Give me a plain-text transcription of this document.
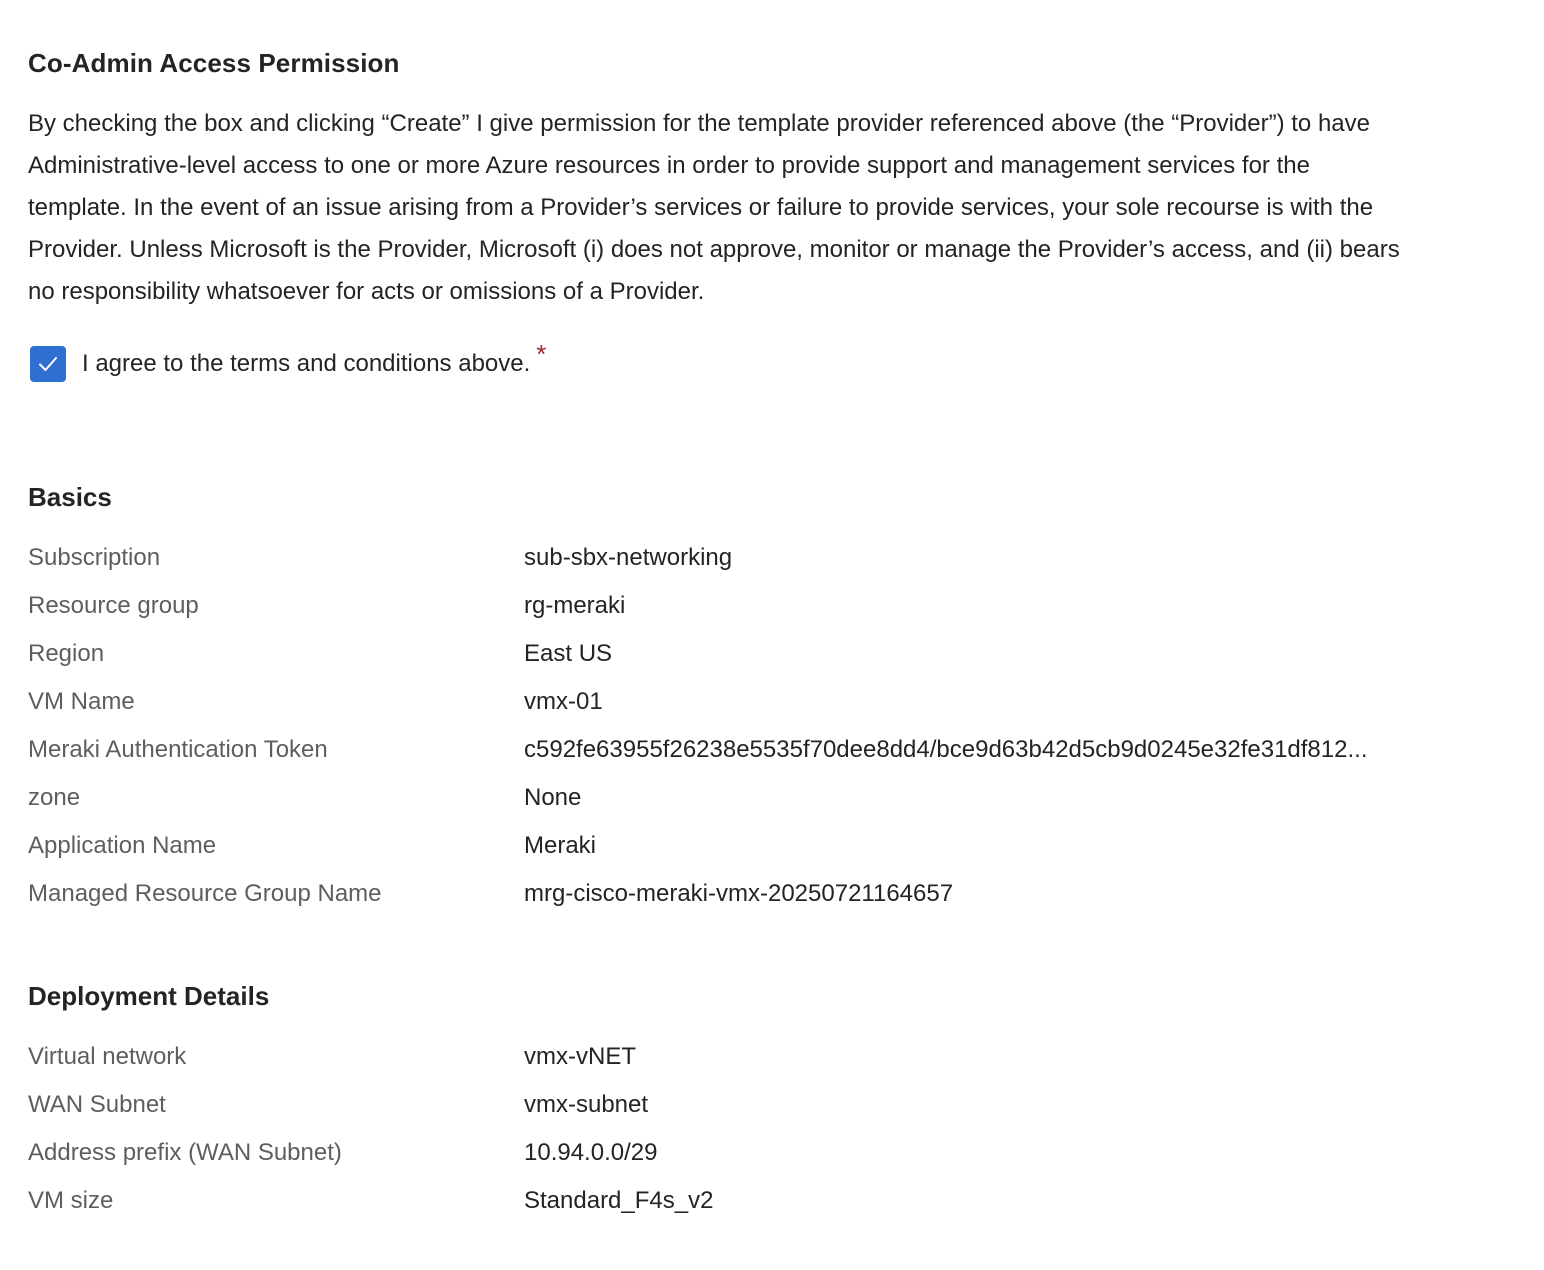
Co-Admin Access Permission

By checking the box and clicking “Create” I give permission for the template provider referenced above (the “Provider”) to have Administrative-level access to one or more Azure resources in order to provide support and management services for the template. In the event of an issue arising from a Provider’s services or failure to provide services, your sole recourse is with the Provider. Unless Microsoft is the Provider, Microsoft (i) does not approve, monitor or manage the Provider’s access, and (ii) bears no responsibility whatsoever for acts or omissions of a Provider.

I agree to the terms and conditions above. *
Basics
Subscription	sub-sbx-networking
Resource group	rg-meraki
Region	East US
VM Name	vmx-01
Meraki Authentication Token	c592fe63955f26238e5535f70dee8dd4/bce9d63b42d5cb9d0245e32fe31df812...
zone	None
Application Name	Meraki
Managed Resource Group Name	mrg-cisco-meraki-vmx-20250721164657
Deployment Details
Virtual network	vmx-vNET
WAN Subnet	vmx-subnet
Address prefix (WAN Subnet)	10.94.0.0/29
VM size	Standard_F4s_v2
